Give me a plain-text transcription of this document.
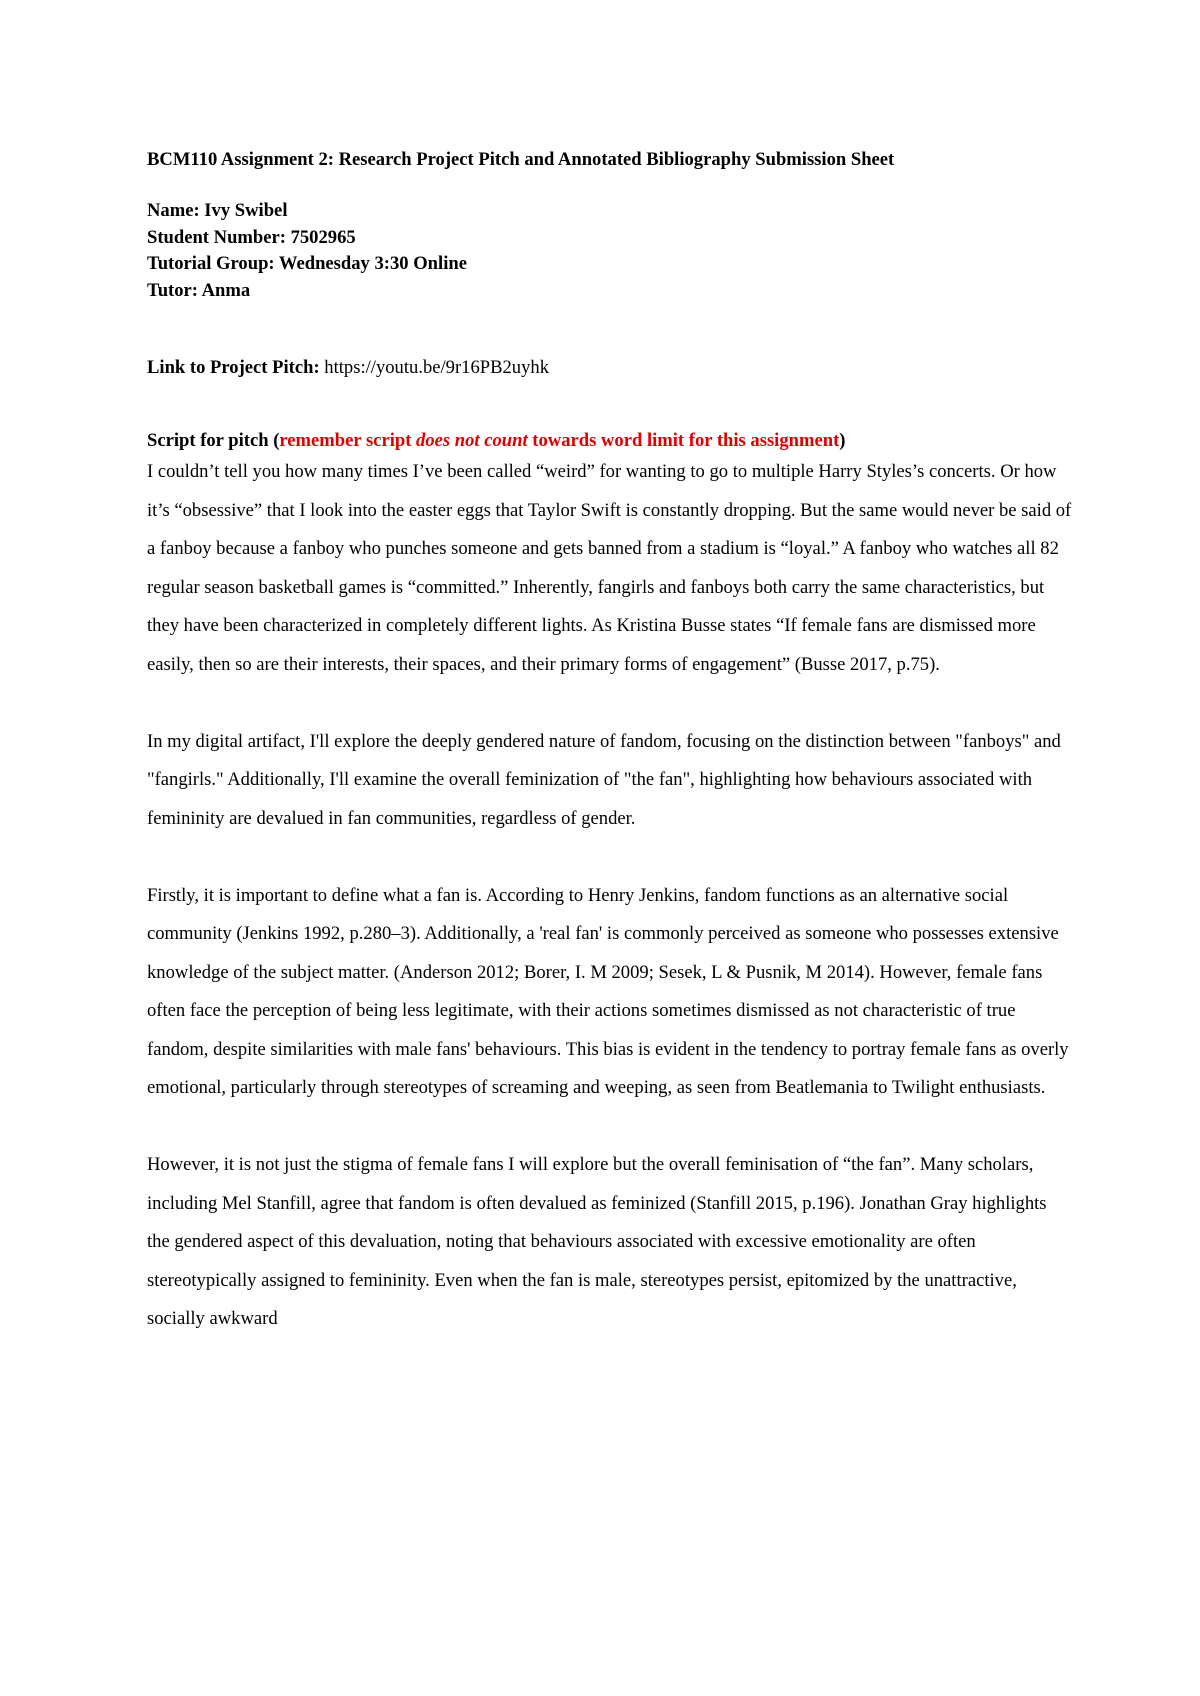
BCM110 Assignment 2: Research Project Pitch and Annotated Bibliography Submission Sheet
Name: Ivy Swibel
Student Number: 7502965
Tutorial Group: Wednesday 3:30 Online
Tutor: Anma
Link to Project Pitch: https://youtu.be/9r16PB2uyhk
Script for pitch (remember script does not count towards word limit for this assignment)

I couldn’t tell you how many times I’ve been called “weird” for wanting to go to multiple Harry Styles’s concerts. Or how it’s “obsessive” that I look into the easter eggs that Taylor Swift is constantly dropping. But the same would never be said of a fanboy because a fanboy who punches someone and gets banned from a stadium is “loyal.” A fanboy who watches all 82 regular season basketball games is “committed.” Inherently, fangirls and fanboys both carry the same characteristics, but they have been characterized in completely different lights. As Kristina Busse states “If female fans are dismissed more easily, then so are their interests, their spaces, and their primary forms of engagement” (Busse 2017, p.75).

In my digital artifact, I'll explore the deeply gendered nature of fandom, focusing on the distinction between "fanboys" and "fangirls." Additionally, I'll examine the overall feminization of "the fan", highlighting how behaviours associated with femininity are devalued in fan communities, regardless of gender.

Firstly, it is important to define what a fan is. According to Henry Jenkins, fandom functions as an alternative social community (Jenkins 1992, p.280–3). Additionally, a 'real fan' is commonly perceived as someone who possesses extensive knowledge of the subject matter. (Anderson 2012; Borer, I. M 2009; Sesek, L & Pusnik, M 2014). However, female fans often face the perception of being less legitimate, with their actions sometimes dismissed as not characteristic of true fandom, despite similarities with male fans' behaviours. This bias is evident in the tendency to portray female fans as overly emotional, particularly through stereotypes of screaming and weeping, as seen from Beatlemania to Twilight enthusiasts.

However, it is not just the stigma of female fans I will explore but the overall feminisation of “the fan”. Many scholars, including Mel Stanfill, agree that fandom is often devalued as feminized (Stanfill 2015, p.196). Jonathan Gray highlights the gendered aspect of this devaluation, noting that behaviours associated with excessive emotionality are often stereotypically assigned to femininity. Even when the fan is male, stereotypes persist, epitomized by the unattractive, socially awkward
